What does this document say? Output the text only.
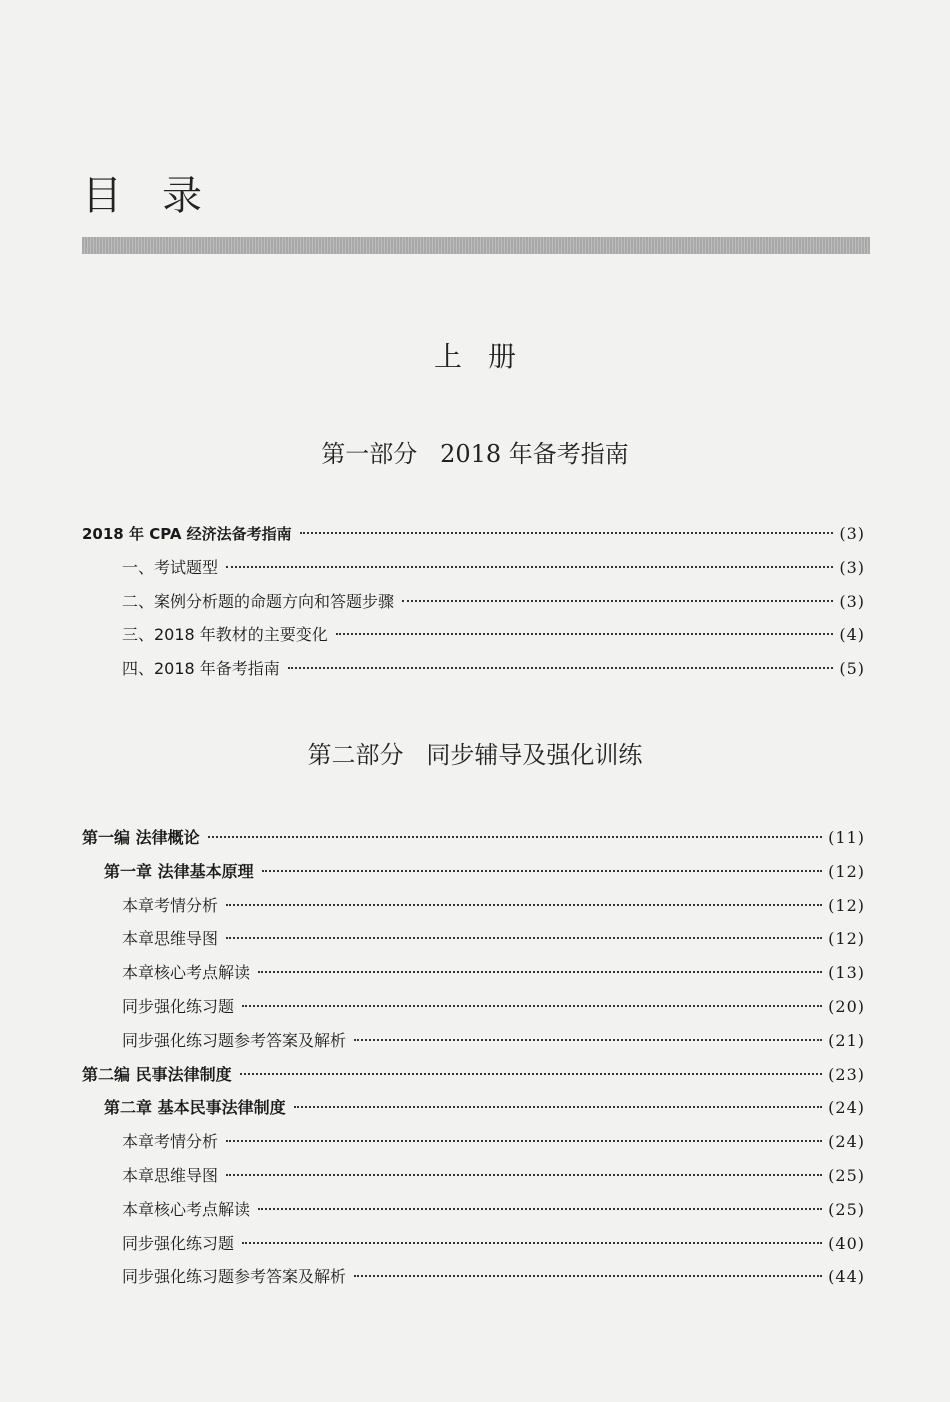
目录
上册
第一部分   2018 年备考指南
2018 年 CPA 经济法备考指南	(3)
一、考试题型	(3)
二、案例分析题的命题方向和答题步骤	(3)
三、2018 年教材的主要变化	(4)
四、2018 年备考指南	(5)
第二部分   同步辅导及强化训练
第一编 法律概论	(11)
第一章 法律基本原理	(12)
本章考情分析	(12)
本章思维导图	(12)
本章核心考点解读	(13)
同步强化练习题	(20)
同步强化练习题参考答案及解析	(21)
第二编 民事法律制度	(23)
第二章 基本民事法律制度	(24)
本章考情分析	(24)
本章思维导图	(25)
本章核心考点解读	(25)
同步强化练习题	(40)
同步强化练习题参考答案及解析	(44)
